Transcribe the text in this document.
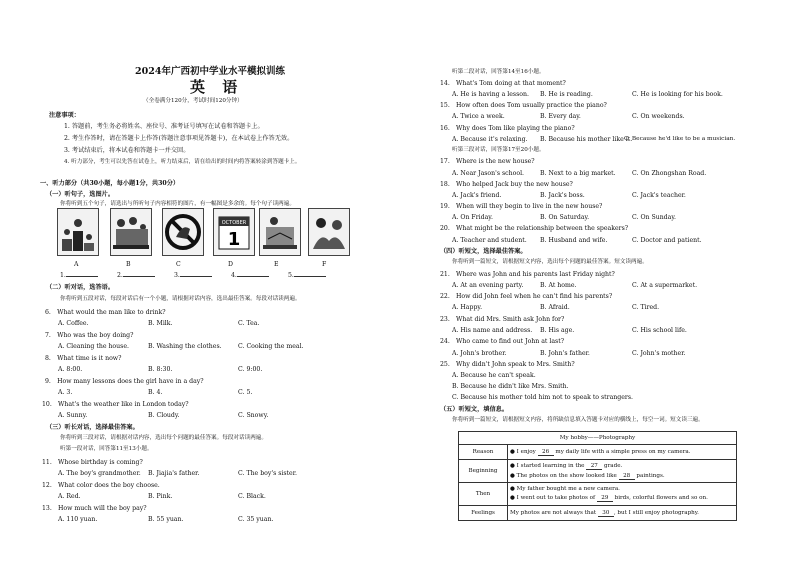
2024年广西初中学业水平模拟训练
英 语
（全卷满分120分，考试时间120分钟）
注意事项：
1. 答题前，考生务必将姓名、座位号、准考证号填写在试卷和答题卡上。
2. 考生作答时，请在答题卡上作答(答题注意事项见答题卡)，在本试卷上作答无效。
3. 考试结束后，将本试卷和答题卡一并交回。
4. 听力部分，考生可以先答在试卷上，听力结束后，请在给出的时间内将答案转涂到答题卡上。
一、听力部分（共30小题，每小题1分，共30分）
（一）听句子，选图片。
你将听到五个句子，请选出与所听句子内容相符的图片，有一幅图是多余的。每个句子读两遍。
OCTOBER
1
A	B	C	D	E	F
1.	2.	3.	4.	5.
（二）听对话，选答语。
你将听到五段对话，每段对话后有一个小题，请根据对话内容，选出最佳答案。每段对话读两遍。
6.　What would the man like to drink?
A. Coffee.	B. Milk.	C. Tea.
7.　Who was the boy doing?
A. Cleaning the house.	B. Washing the clothes.	C. Cooking the meal.
8.　What time is it now?
A. 8:00.	B. 8:30.	C. 9:00.
9.　How many lessons does the girl have in a day?
A. 3.	B. 4.	C. 5.
10.　What's the weather like in London today?
A. Sunny.	B. Cloudy.	C. Snowy.
（三）听长对话，选择最佳答案。
你将听到三段对话，请根据对话内容，选出每个问题的最佳答案。每段对话读两遍。
听第一段对话，回答第11至13小题。
11.　Whose birthday is coming?
A. The boy's grandmother. B. Jiajia's father.	C. The boy's sister.
12.　What color does the boy choose.
A. Red.	B. Pink.	C. Black.
13.　How much will the boy pay?
A. 110 yuan.	B. 55 yuan.	C. 35 yuan.
听第二段对话，回答第14至16小题。
14.　What's Tom doing at that moment?
A. He is having a lesson. B. He is reading.	C. He is looking for his book.
15.　How often does Tom usually practice the piano?
A. Twice a week.	B. Every day.	C. On weekends.
16.　Why does Tom like playing the piano?
A. Because it's relaxing. B. Because his mother like it.
C. Because he'd like to be a musician.
听第三段对话，回答第17至20小题。
17.　Where is the new house?
A. Near Jason's school.	B. Next to a big market.	C. On Zhongshan Road.
18.　Who helped Jack buy the new house?
A. Jack's friend.	B. Jack's boss.	C. Jack's teacher.
19.　When will they begin to live in the new house?
A. On Friday.	B. On Saturday.	C. On Sunday.
20.　What might be the relationship between the speakers?
A. Teacher and student. B. Husband and wife.	C. Doctor and patient.
（四）听短文，选择最佳答案。
你将听到一篇短文，请根据短文内容，选出每个问题的最佳答案。短文读两遍。
21.　Where was John and his parents last Friday night?
A. At an evening party.	B. At home.	C. At a supermarket.
22.　How did John feel when he can't find his parents?
A. Happy.	B. Afraid.	C. Tired.
23.　What did Mrs. Smith ask John for?
A. His name and address. B. His age.	C. His school life.
24.　Who came to find out John at last?
A. John's brother.	B. John's father.	C. John's mother.
25.　Why didn't John speak to Mrs. Smith?
A. Because he can't speak.
B. Because he didn't like Mrs. Smith.
C. Because his mother told him not to speak to strangers.
（五）听短文，填信息。
你将听到一篇短文，请根据短文内容，将所缺信息填入答题卡对应的横线上，每空一词。短文读三遍。
My hobby——Photography	
Reason	● I enjoy 26 my daily life with a simple press on my camera.
Beginning	● I started learning in the 27 grade.
● The photos on the show looked like 28 paintings.

Then	● My father bought me a new camera.
● I went out to take photos of 29 birds, colorful flowers and so on.

Feelings	My photos are not always that 30 , but I still enjoy photography.
